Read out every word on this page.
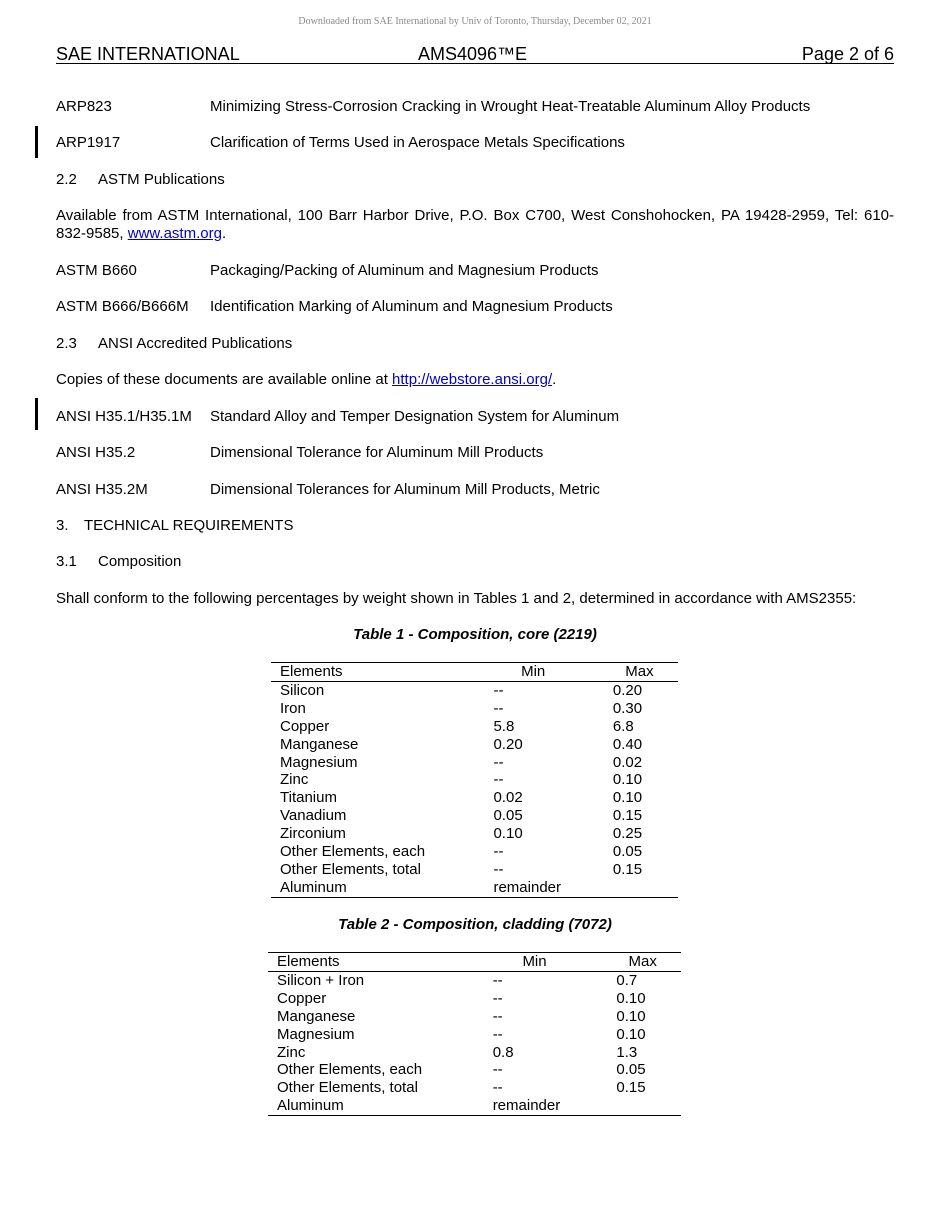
Downloaded from SAE International by Univ of Toronto, Thursday, December 02, 2021
SAE INTERNATIONAL	AMS4096™E	Page 2 of 6
ARP823	Minimizing Stress-Corrosion Cracking in Wrought Heat-Treatable Aluminum Alloy Products
ARP1917	Clarification of Terms Used in Aerospace Metals Specifications
2.2 ASTM Publications
Available from ASTM International, 100 Barr Harbor Drive, P.O. Box C700, West Conshohocken, PA 19428-2959, Tel: 610-832-9585, www.astm.org.
ASTM B660	Packaging/Packing of Aluminum and Magnesium Products
ASTM B666/B666M Identification Marking of Aluminum and Magnesium Products
2.3 ANSI Accredited Publications
Copies of these documents are available online at http://webstore.ansi.org/.
ANSI H35.1/H35.1M Standard Alloy and Temper Designation System for Aluminum
ANSI H35.2	Dimensional Tolerance for Aluminum Mill Products
ANSI H35.2M	Dimensional Tolerances for Aluminum Mill Products, Metric
3. TECHNICAL REQUIREMENTS
3.1 Composition
Shall conform to the following percentages by weight shown in Tables 1 and 2, determined in accordance with AMS2355:
Table 1 - Composition, core (2219)
Elements	Min	Max
Silicon	--	0.20
Iron	--	0.30
Copper	5.8	6.8
Manganese	0.20	0.40
Magnesium	--	0.02
Zinc	--	0.10
Titanium	0.02	0.10
Vanadium	0.05	0.15
Zirconium	0.10	0.25
Other Elements, each	--	0.05
Other Elements, total	--	0.15
Aluminum	remainder	
Table 2 - Composition, cladding (7072)
Elements	Min	Max
Silicon + Iron	--	0.7
Copper	--	0.10
Manganese	--	0.10
Magnesium	--	0.10
Zinc	0.8	1.3
Other Elements, each	--	0.05
Other Elements, total	--	0.15
Aluminum	remainder	
